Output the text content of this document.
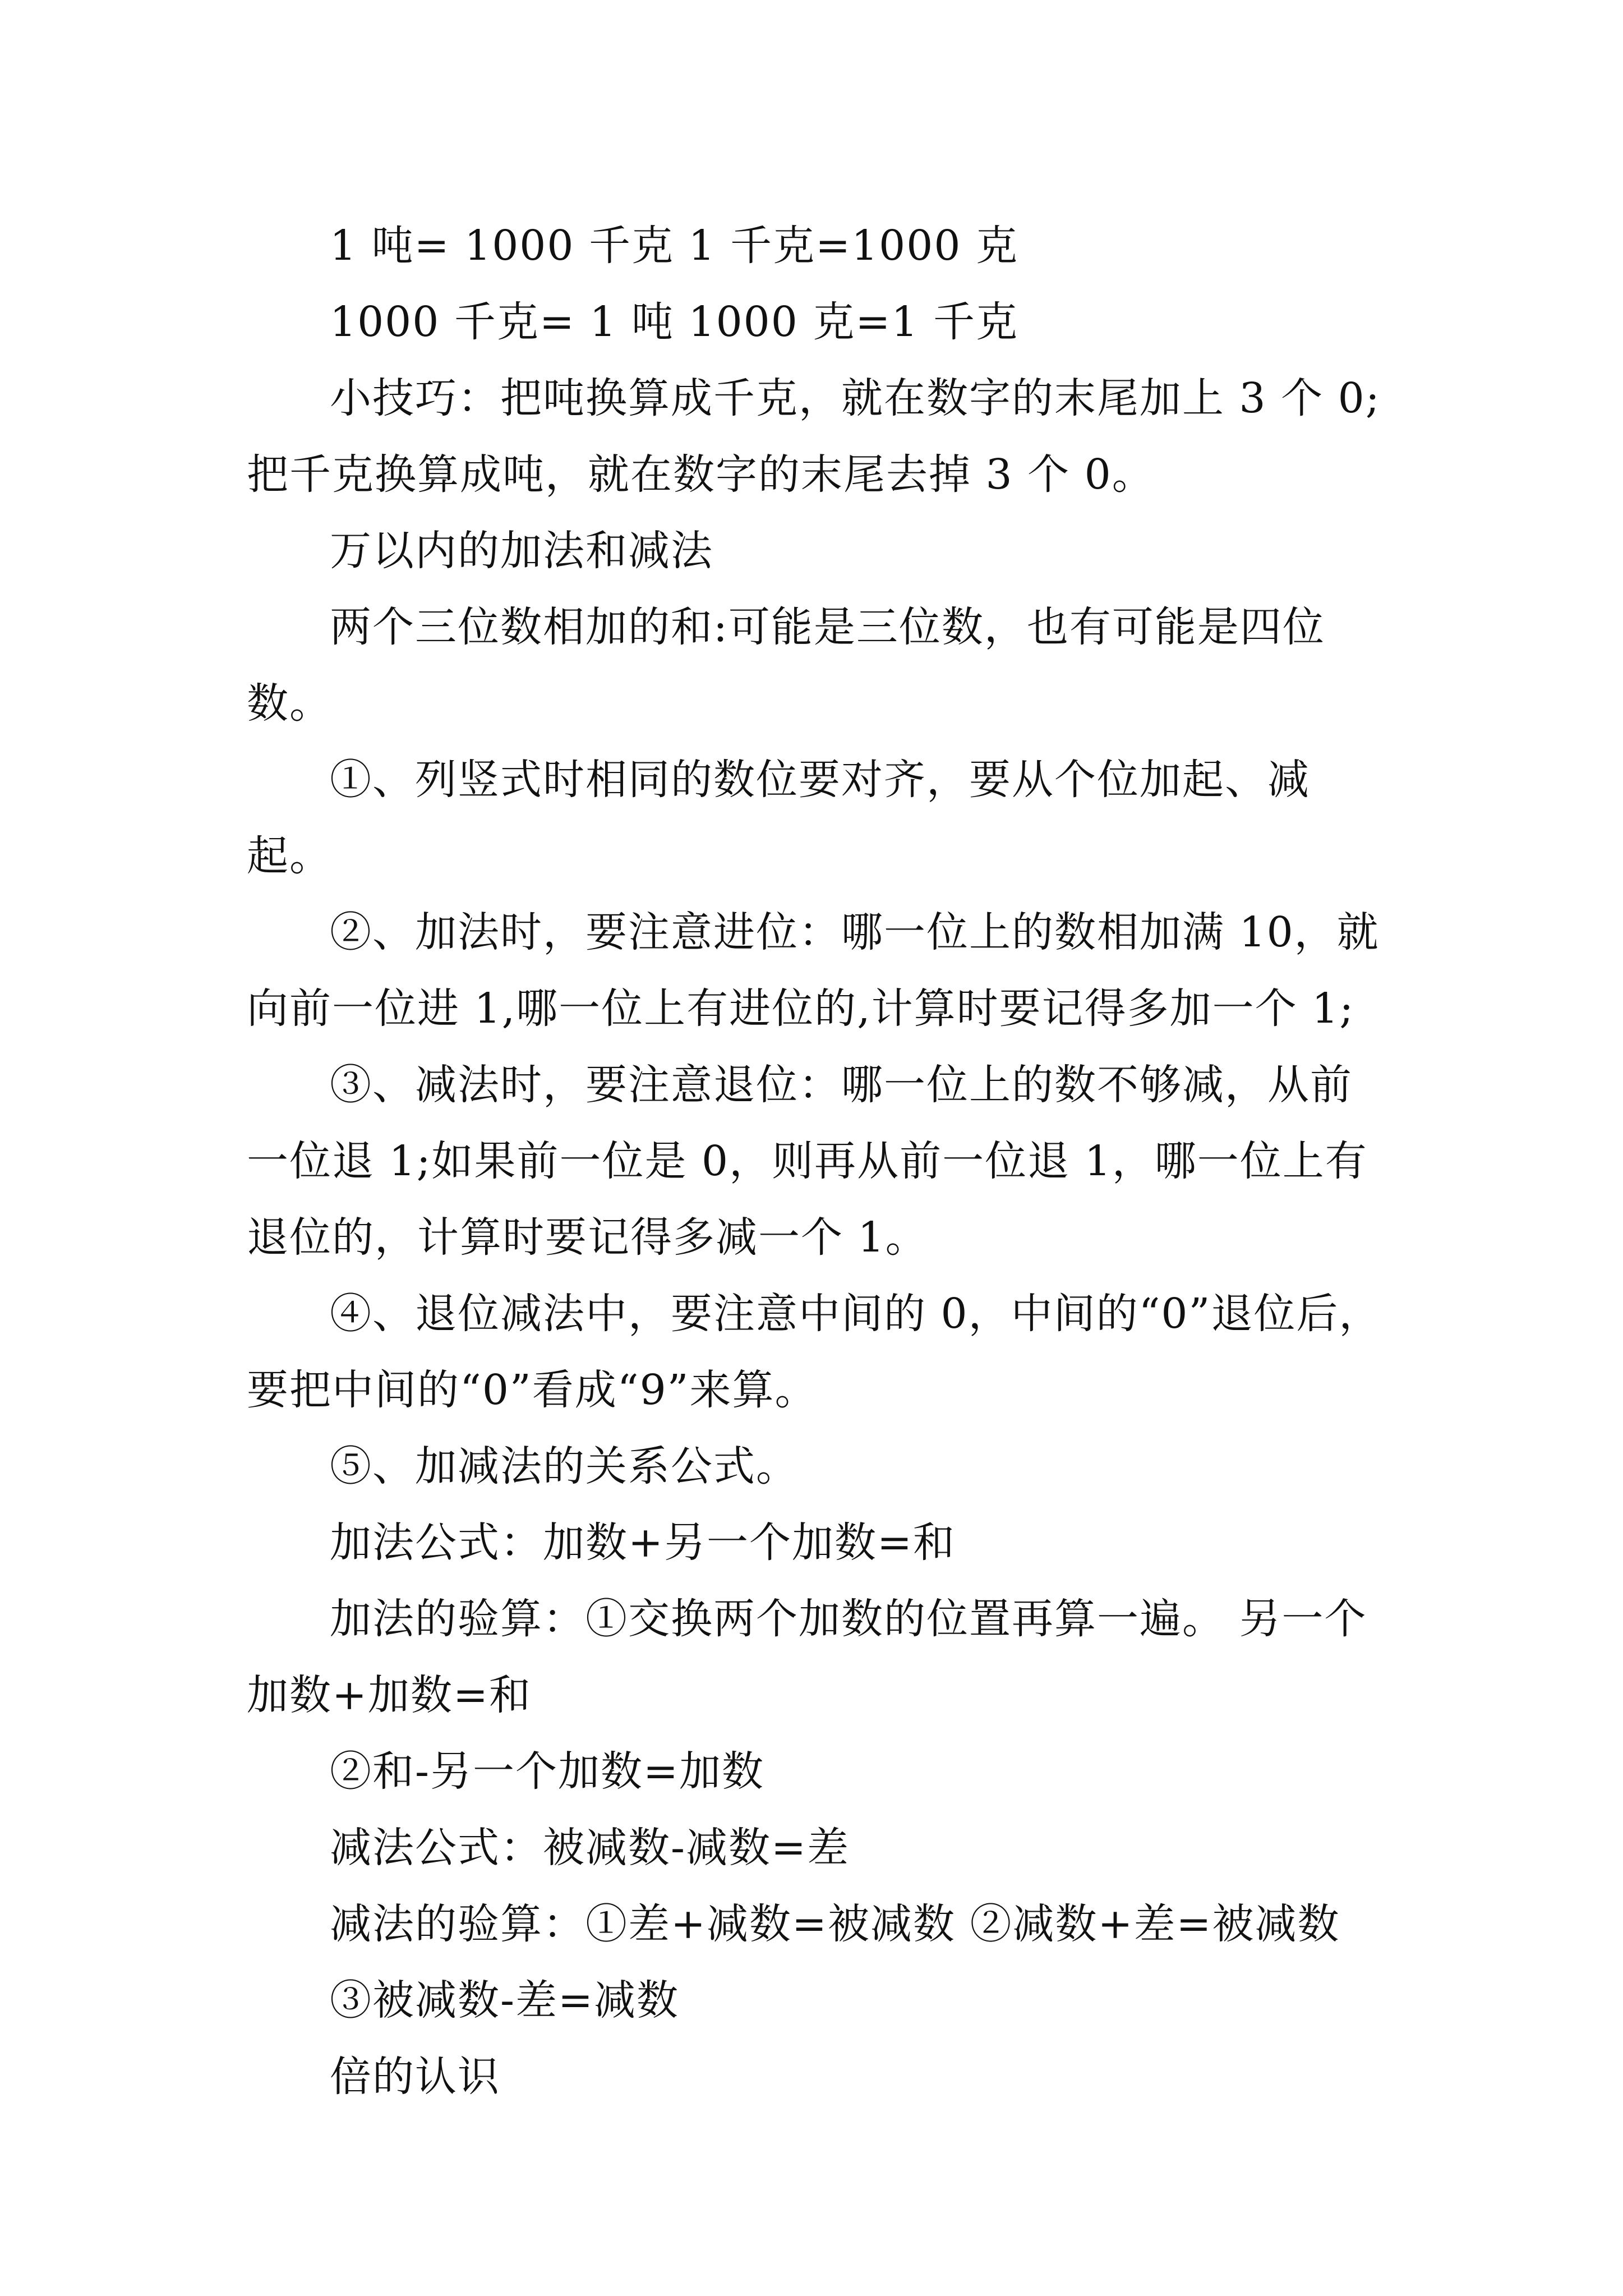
1 吨= 1000 千克 1 千克=1000 克

1000 千克= 1 吨 1000 克=1 千克

小技巧：把吨换算成千克，就在数字的末尾加上 3 个 0;把千克换算成吨，就在数字的末尾去掉 3 个 0。

万以内的加法和减法

两个三位数相加的和:可能是三位数，也有可能是四位数。

①、列竖式时相同的数位要对齐，要从个位加起、减起。

②、加法时，要注意进位：哪一位上的数相加满 10，就向前一位进 1,哪一位上有进位的,计算时要记得多加一个 1;

③、减法时，要注意退位：哪一位上的数不够减，从前一位退 1;如果前一位是 0，则再从前一位退 1，哪一位上有退位的，计算时要记得多减一个 1。

④、退位减法中，要注意中间的 0，中间的“0”退位后，要把中间的“0”看成“9”来算。

⑤、加减法的关系公式。

加法公式：加数+另一个加数=和

加法的验算：①交换两个加数的位置再算一遍。 另一个加数+加数=和

②和-另一个加数=加数

减法公式：被减数-减数=差

减法的验算：①差+减数=被减数 ②减数+差=被减数

③被减数-差=减数

倍的认识
